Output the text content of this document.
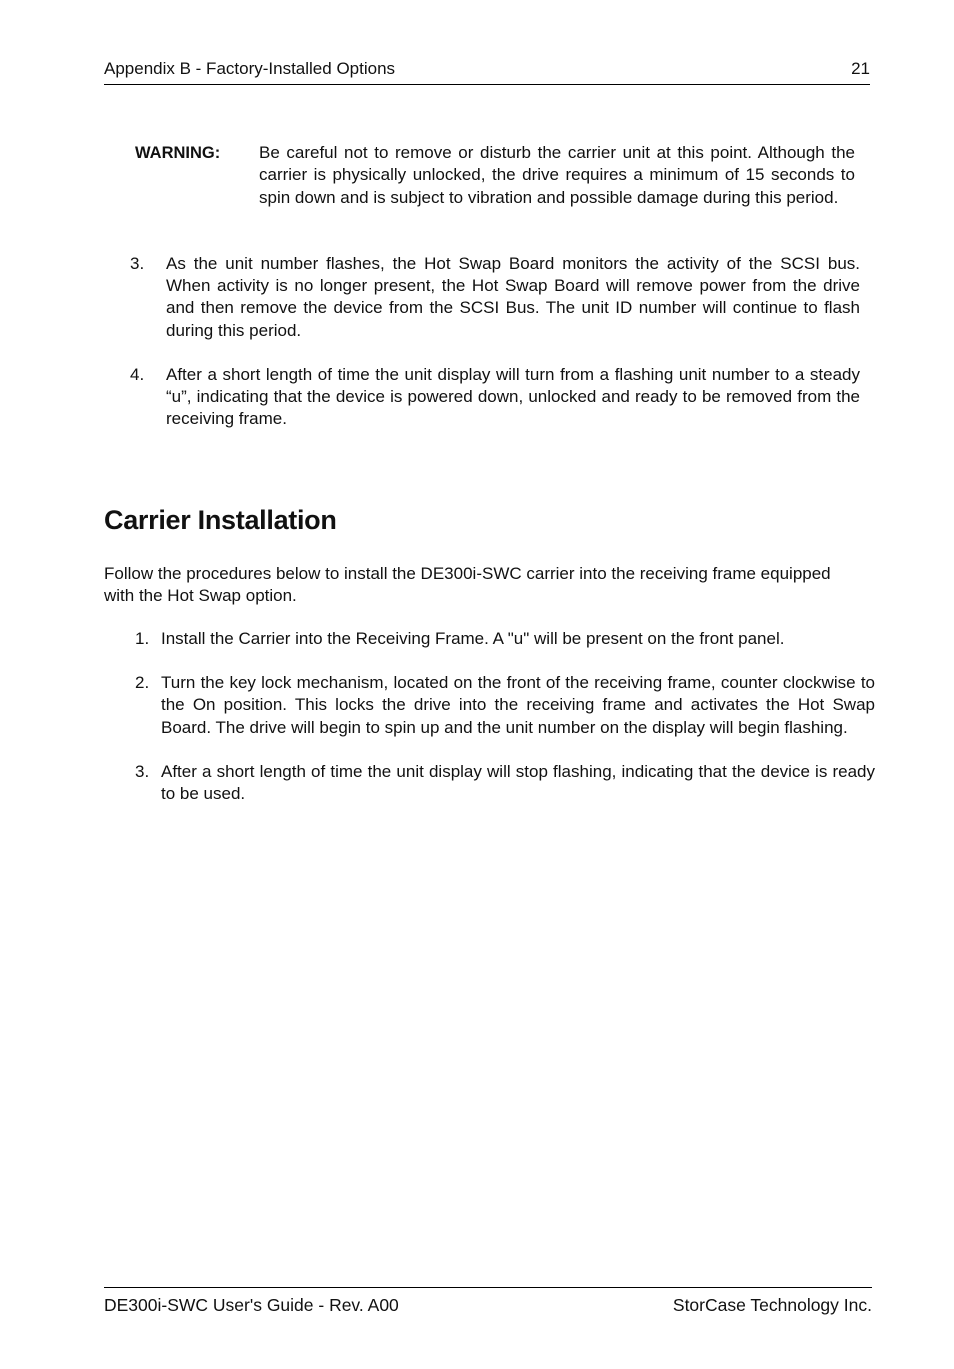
Appendix B - Factory-Installed Options	21
WARNING: Be careful not to remove or disturb the carrier unit at this point. Although the carrier is physically unlocked, the drive requires a minimum of 15 seconds to spin down and is subject to vibration and possible damage during this period.
3. As the unit number flashes, the Hot Swap Board monitors the activity of the SCSI bus. When activity is no longer present, the Hot Swap Board will remove power from the drive and then remove the device from the SCSI Bus. The unit ID number will continue to flash during this period.
4. After a short length of time the unit display will turn from a flashing unit number to a steady “u”, indicating that the device is powered down, unlocked and ready to be removed from the receiving frame.
Carrier Installation
Follow the procedures below to install the DE300i-SWC carrier into the receiving frame equipped with the Hot Swap option.
1. Install the Carrier into the Receiving Frame. A "u" will be present on the front panel.
2. Turn the key lock mechanism, located on the front of the receiving frame, counter clockwise to the On position. This locks the drive into the receiving frame and activates the Hot Swap Board. The drive will begin to spin up and the unit number on the display will begin flashing.
3. After a short length of time the unit display will stop flashing, indicating that the device is ready to be used.
DE300i-SWC User's Guide - Rev. A00	StorCase Technology Inc.
